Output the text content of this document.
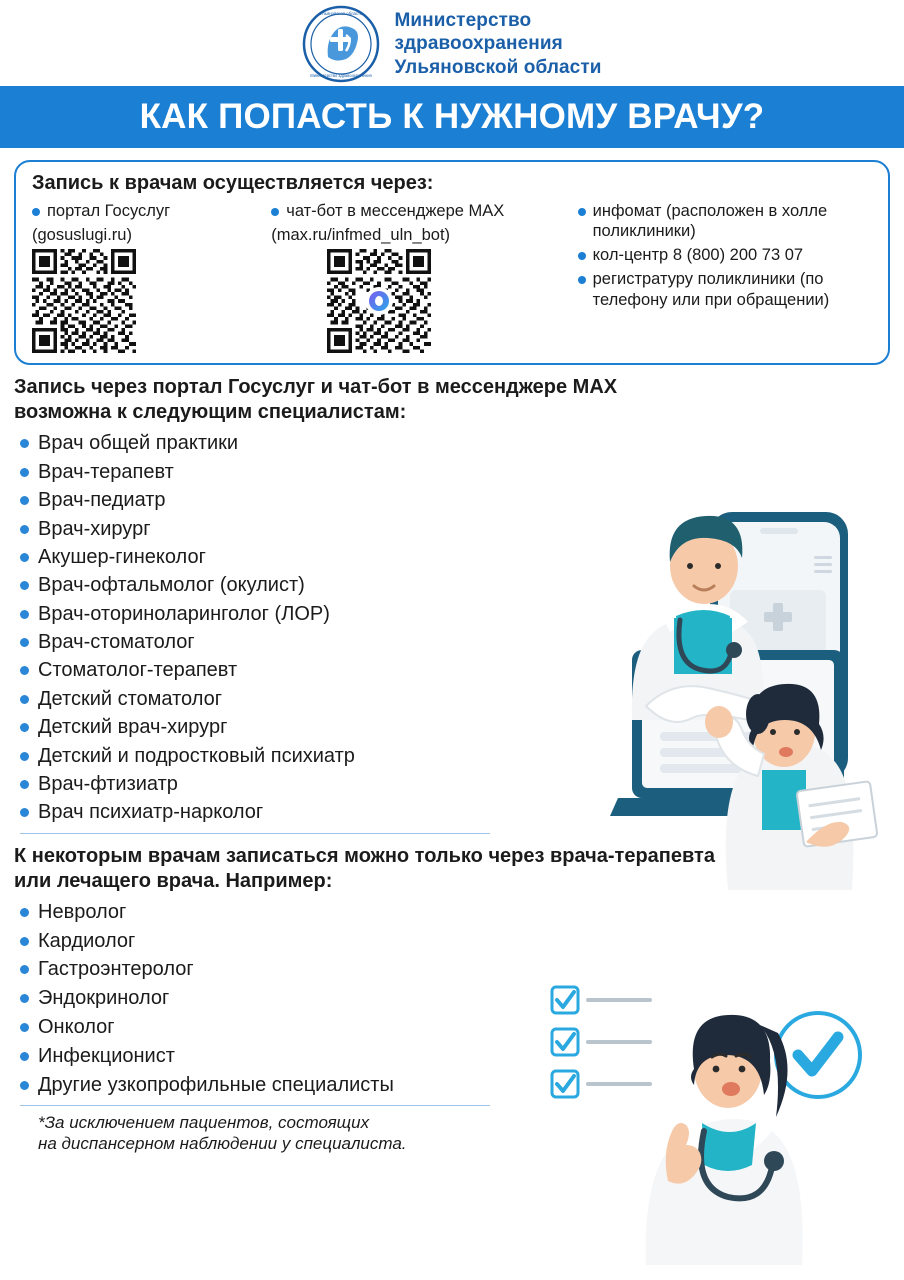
Ульяновская область
Министерство здравоохранения
Министерство
здравоохранения
Ульяновской области
КАК ПОПАСТЬ К НУЖНОМУ ВРАЧУ?
Запись к врачам осуществляется через:
портал Госуслуг
(gosuslugi.ru)
чат-бот в мессенджере MAX
(max.ru/infmed_uln_bot)
инфомат (расположен в холле поликлиники)
кол-центр 8 (800) 200 73 07
регистратуру поликлиники (по телефону или при обращении)
Запись через портал Госуслуг и чат-бот в мессенджере MAX
возможна к следующим специалистам:
Врач общей практики
Врач-терапевт
Врач-педиатр
Врач-хирург
Акушер-гинеколог
Врач-офтальмолог (окулист)
Врач-оториноларинголог (ЛОР)
Врач-стоматолог
Стоматолог-терапевт
Детский стоматолог
Детский врач-хирург
Детский и подростковый психиатр
Врач-фтизиатр
Врач психиатр-нарколог
К некоторым врачам записаться можно только через врача-терапевта
или лечащего врача. Например:
Невролог
Кардиолог
Гастроэнтеролог
Эндокринолог
Онколог
Инфекционист
Другие узкопрофильные специалисты
*За исключением пациентов, состоящих
на диспансерном наблюдении у специалиста.
